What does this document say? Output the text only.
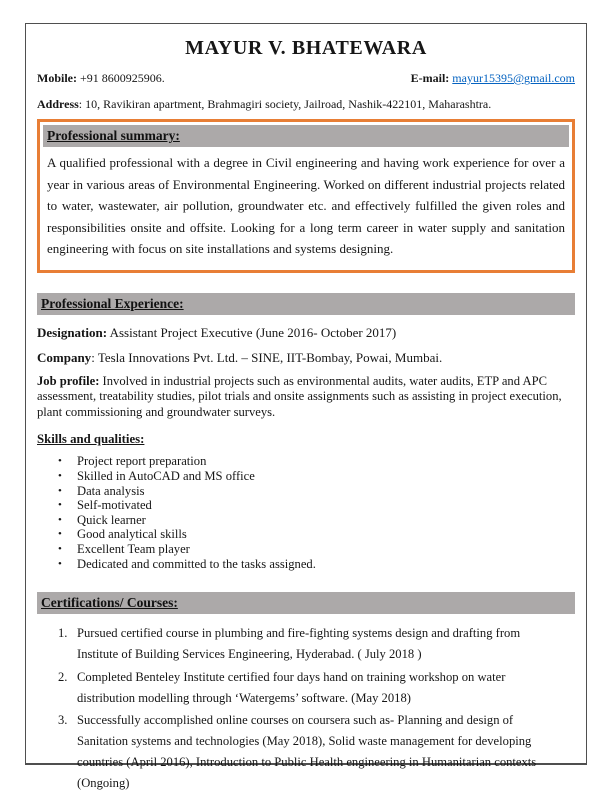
MAYUR V. BHATEWARA

Mobile: +91 8600925906.	E-mail: mayur15395@gmail.com

Address: 10, Ravikiran apartment, Brahmagiri society, Jailroad, Nashik-422101, Maharashtra.

Professional summary:

A qualified professional with a degree in Civil engineering and having work experience for over a year in various areas of Environmental Engineering. Worked on different industrial projects related to water, wastewater, air pollution, groundwater etc. and effectively fulfilled the given roles and responsibilities onsite and offsite. Looking for a long term career in water supply and sanitation engineering with focus on site installations and systems designing.

Professional Experience:

Designation: Assistant Project Executive (June 2016- October 2017)

Company: Tesla Innovations Pvt. Ltd. – SINE, IIT-Bombay, Powai, Mumbai.

Job profile: Involved in industrial projects such as environmental audits, water audits, ETP and APC assessment, treatability studies, pilot trials and onsite assignments such as assisting in project execution, plant commissioning and groundwater surveys.

Skills and qualities:

•	Project report preparation
•	Skilled in AutoCAD and MS office
•	Data analysis
•	Self-motivated
•	Quick learner
•	Good analytical skills
•	Excellent Team player
•	Dedicated and committed to the tasks assigned.
Certifications/ Courses:
1. Pursued certified course in plumbing and fire-fighting systems design and drafting from Institute of Building Services Engineering, Hyderabad. ( July 2018 )
2. Completed Benteley Institute certified four days hand on training workshop on water distribution modelling through ‘Watergems’ software. (May 2018)
3. Successfully accomplished online courses on coursera such as- Planning and design of Sanitation systems and technologies (May 2018), Solid waste management for developing countries (April 2016), Introduction to Public Health engineering in Humanitarian contexts (Ongoing)
